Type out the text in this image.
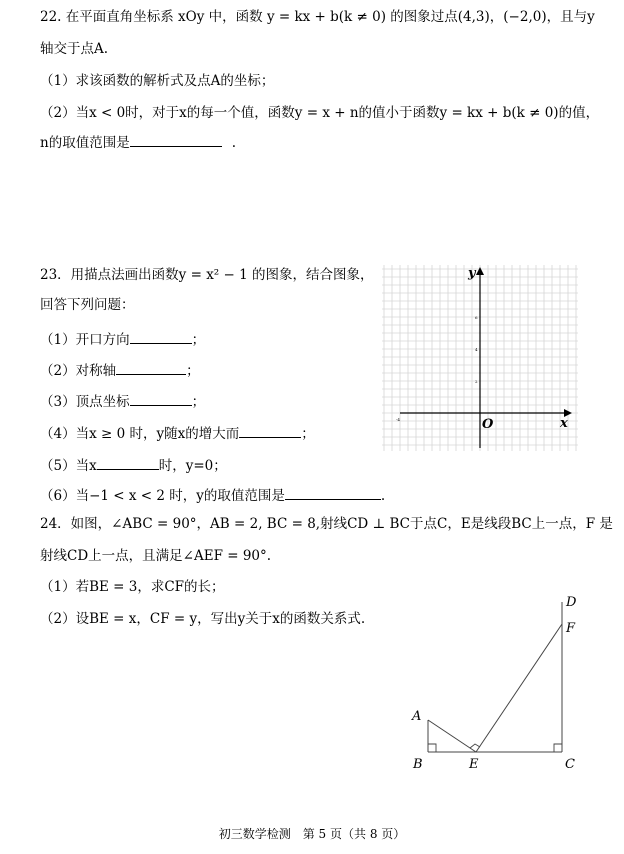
22. 在平面直角坐标系 xOy 中，函数 y = kx + b(k ≠ 0) 的图象过点(4,3)，(−2,0)，且与y
轴交于点A.
（1）求该函数的解析式及点A的坐标；
（2）当x < 0时，对于x的每一个值，函数y = x + n的值小于函数y = kx + b(k ≠ 0)的值，
n的取值范围是	.
23．用描点法画出函数y = x² − 1 的图象，结合图象，
回答下列问题：
（1）开口方向	；
（2）对称轴	；
（3）顶点坐标	；
（4）当x ≥ 0 时，y随x的增大而	；
（5）当x	时，y=0；
（6）当−1 < x < 2 时，y的取值范围是	.
x
y
O
6
4
2
-4
24．如图，∠ABC = 90°，AB = 2, BC = 8,射线CD ⊥ BC于点C，E是线段BC上一点，F 是
射线CD上一点，且满足∠AEF = 90°.
（1）若BE = 3，求CF的长；
（2）设BE = x，CF = y，写出y关于x的函数关系式.
A
B	E	C
F
D
初三数学检测　第 5 页（共 8 页）
